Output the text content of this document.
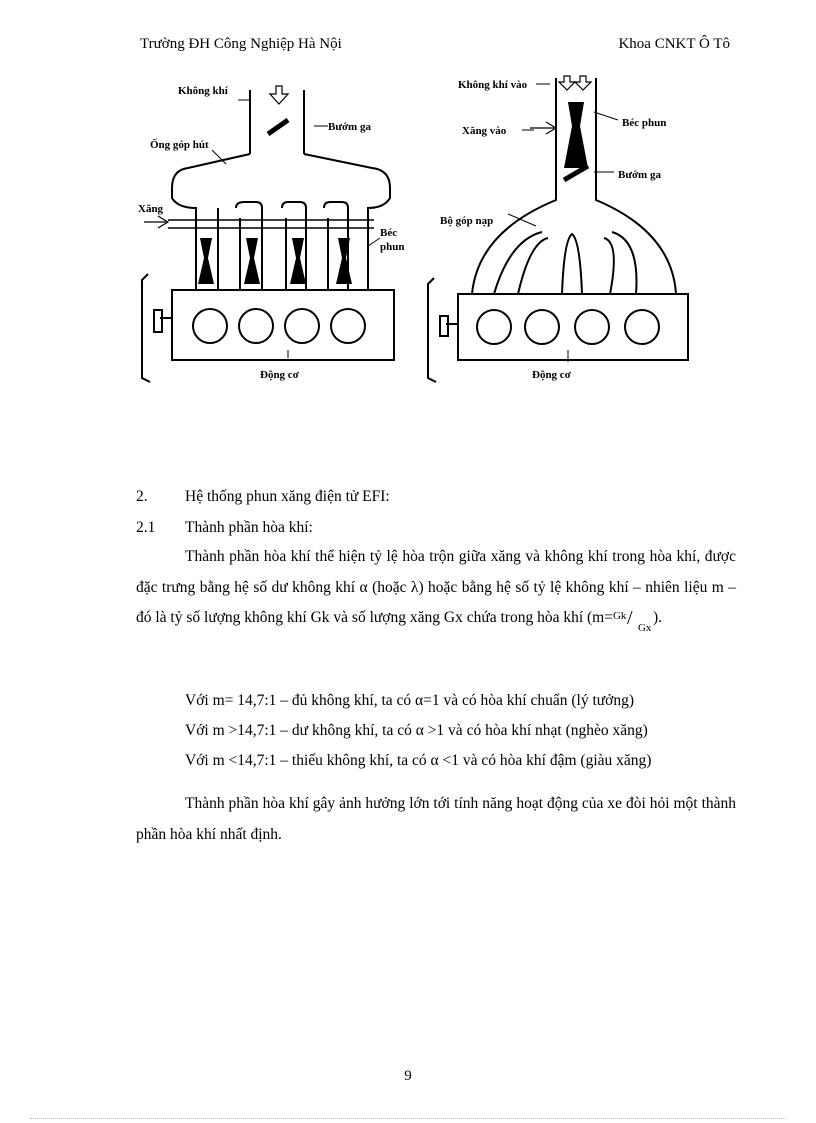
Trường ĐH Công Nghiệp Hà Nội	Khoa CNKT Ô Tô
Không khí
Bướm ga
Ống góp hút
Xăng
Béc
phun
Động cơ
Không khí vào
Xăng vào
Béc phun
Bướm ga
Bộ góp nạp
Động cơ
2. Hệ thống phun xăng điện tử EFI:
2.1 Thành phần hòa khí:
Thành phần hòa khí thể hiện tỷ lệ hòa trộn giữa xăng và không khí trong hòa khí, được đặc trưng bằng hệ số dư không khí α (hoặc λ) hoặc bằng hệ số tỷ lệ không khí – nhiên liệu m – đó là tỷ số lượng không khí Gk và số lượng xăng Gx chứa trong hòa khí (m= Gk / Gx
).
Với m= 14,7:1 – đủ không khí, ta có α=1 và có hòa khí chuẩn (lý tưởng)
Với m >14,7:1 – dư không khí, ta có α >1 và có hòa khí nhạt (nghèo xăng)
Với m <14,7:1 – thiếu không khí, ta có α <1 và có hòa khí đậm (giàu xăng)
Thành phần hòa khí gây ảnh hưởng lớn tới tính năng hoạt động của xe đòi hỏi một thành phần hòa khí nhất định.
9
